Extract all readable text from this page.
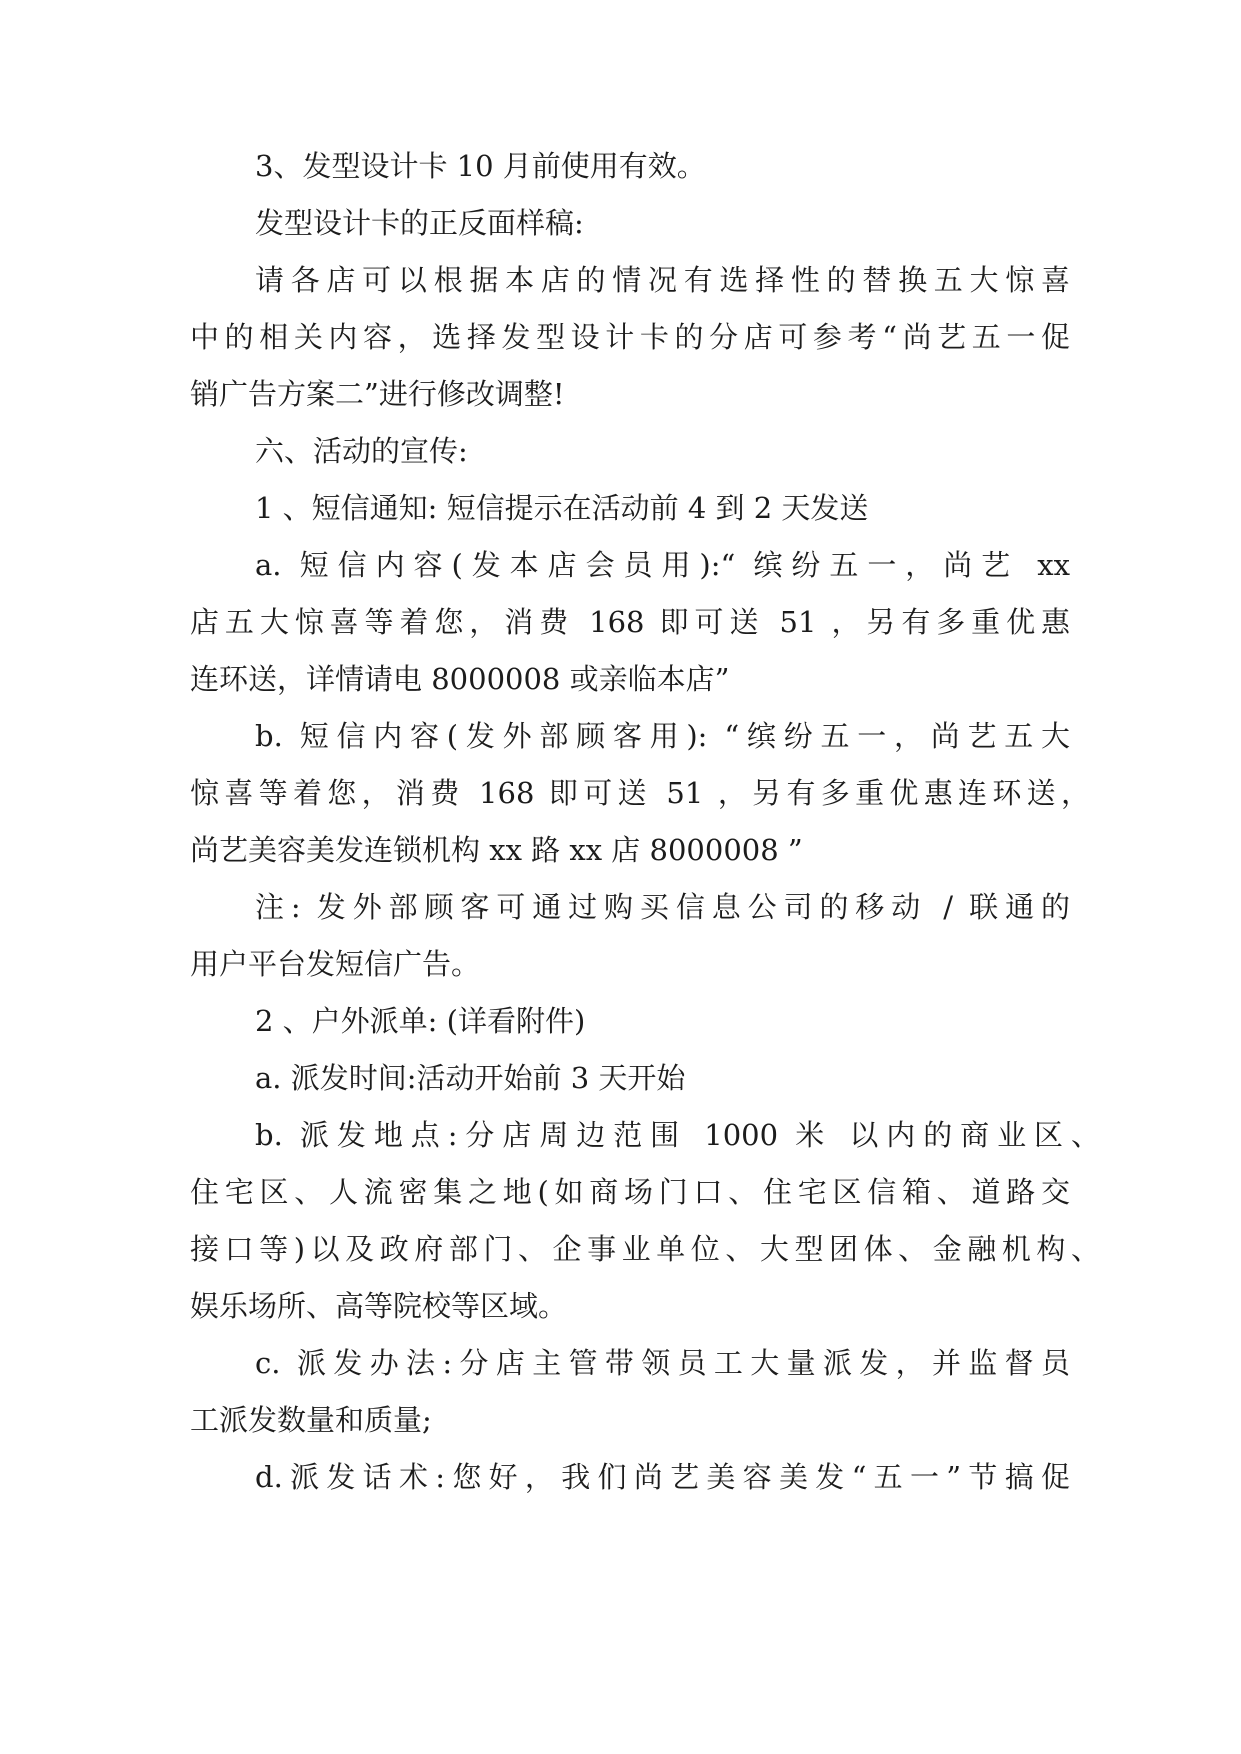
3、发型设计卡 10 月前使用有效。
发型设计卡的正反面样稿:
请各店可以根据本店的情况有选择性的替换五大惊喜
中的相关内容，选择发型设计卡的分店可参考“尚艺五一促
销广告方案二”进行修改调整!
六、活动的宣传:
1 、短信通知: 短信提示在活动前 4 到 2 天发送
a. 短信内容(发本店会员用):“ 缤纷五一，尚艺 xx
店五大惊喜等着您，消费 168 即可送 51 ，另有多重优惠
连环送，详情请电 8000008 或亲临本店”
b. 短信内容(发外部顾客用): “缤纷五一，尚艺五大
惊喜等着您，消费 168 即可送 51 ，另有多重优惠连环送，
尚艺美容美发连锁机构 xx 路 xx 店 8000008 ”
注: 发外部顾客可通过购买信息公司的移动 / 联通的
用户平台发短信广告。
2 、户外派单: (详看附件)
a. 派发时间:活动开始前 3 天开始
b. 派发地点:分店周边范围 1000 米 以内的商业区、
住宅区、人流密集之地(如商场门口、住宅区信箱、道路交
接口等)以及政府部门、企事业单位、大型团体、金融机构、
娱乐场所、高等院校等区域。
c. 派发办法:分店主管带领员工大量派发，并监督员
工派发数量和质量;
d.派发话术:您好，我们尚艺美容美发“五一”节搞促
